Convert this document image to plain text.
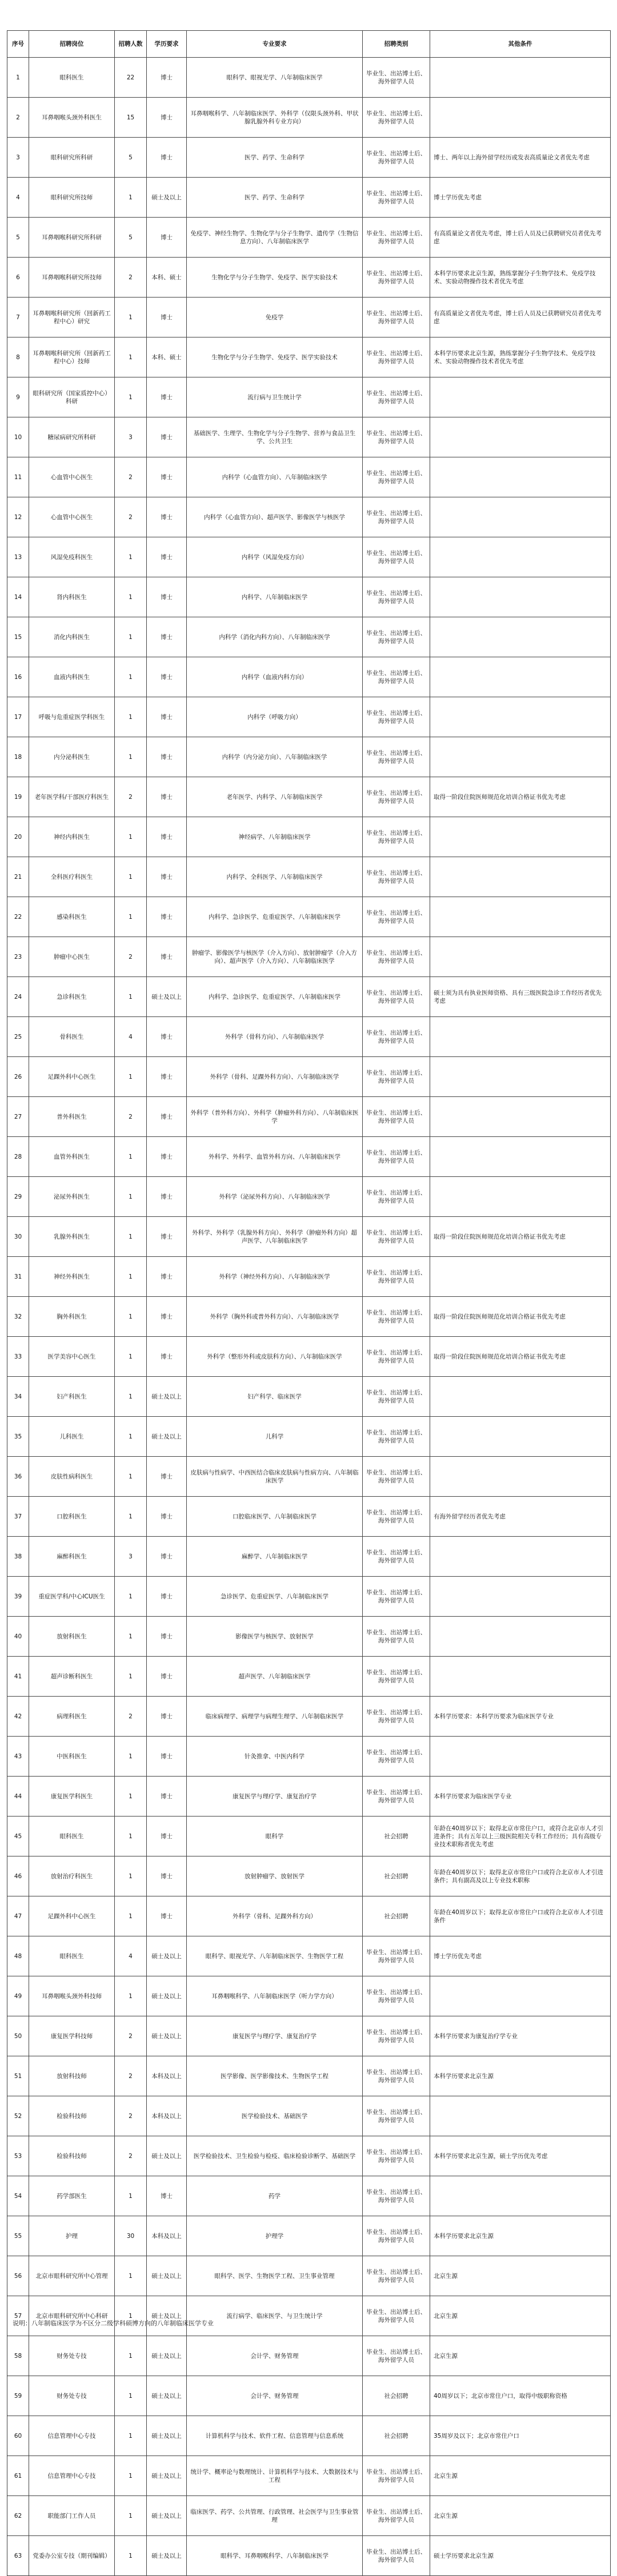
序号	招聘岗位	招聘人数	学历要求	专业要求	招聘类别	其他条件
1	眼科医生	22	博士	眼科学、眼视光学、八年制临床医学	毕业生、出站博士后、海外留学人员	
2	耳鼻咽喉头颈外科医生	15	博士	耳鼻咽喉科学、八年制临床医学、外科学（仅限头颈外科、甲状腺乳腺外科专业方向）	毕业生、出站博士后、海外留学人员	
3	眼科研究所科研	5	博士	医学、药学、生命科学	毕业生、出站博士后、海外留学人员	博士、两年以上海外留学经历或发表高质量论文者优先考虑
4	眼科研究所技师	1	硕士及以上	医学、药学、生命科学	毕业生、出站博士后、海外留学人员	博士学历优先考虑
5	耳鼻咽喉科研究所科研	5	博士	免疫学、神经生物学、生物化学与分子生物学、遗传学（生物信息方向）、八年制临床医学	毕业生、出站博士后、海外留学人员	有高质量论文者优先考虑，博士后人员及已获聘研究员者优先考虑
6	耳鼻咽喉科研究所技师	2	本科、硕士	生物化学与分子生物学、免疫学、医学实验技术	毕业生、出站博士后、海外留学人员	本科学历要求北京生源，熟练掌握分子生物学技术、免疫学技术、实验动物操作技术者优先考虑
7	耳鼻咽喉科研究所（回新药工程中心）研究	1	博士	免疫学	毕业生、出站博士后、海外留学人员	有高质量论文者优先考虑，博士后人员及已获聘研究员者优先考虑
8	耳鼻咽喉科研究所（回新药工程中心）技师	1	本科、硕士	生物化学与分子生物学、免疫学、医学实验技术	毕业生、出站博士后、海外留学人员	本科学历要求北京生源，熟练掌握分子生物学技术、免疫学技术、实验动物操作技术者优先考虑
9	眼科研究所（国家质控中心）科研	1	博士	流行病与卫生统计学	毕业生、出站博士后、海外留学人员	
10	糖尿病研究所科研	3	博士	基础医学、生理学、生物化学与分子生物学、营养与食品卫生学、公共卫生	毕业生、出站博士后、海外留学人员	
11	心血管中心医生	2	博士	内科学（心血管方向）、八年制临床医学	毕业生、出站博士后、海外留学人员	
12	心血管中心医生	2	博士	内科学（心血管方向）、超声医学、影像医学与核医学	毕业生、出站博士后、海外留学人员	
13	风湿免疫科医生	1	博士	内科学（风湿免疫方向）	毕业生、出站博士后、海外留学人员	
14	肾内科医生	1	博士	内科学、八年制临床医学	毕业生、出站博士后、海外留学人员	
15	消化内科医生	1	博士	内科学（消化内科方向）、八年制临床医学	毕业生、出站博士后、海外留学人员	
16	血液内科医生	1	博士	内科学（血液内科方向）	毕业生、出站博士后、海外留学人员	
17	呼吸与危重症医学科医生	1	博士	内科学（呼吸方向）	毕业生、出站博士后、海外留学人员	
18	内分泌科医生	1	博士	内科学（内分泌方向）、八年制临床医学	毕业生、出站博士后、海外留学人员	
19	老年医学科/干部医疗科医生	2	博士	老年医学、内科学、八年制临床医学	毕业生、出站博士后、海外留学人员	取得一阶段住院医师规范化培训合格证书优先考虑
20	神经内科医生	1	博士	神经病学、八年制临床医学	毕业生、出站博士后、海外留学人员	
21	全科医疗科医生	1	博士	内科学、全科医学、八年制临床医学	毕业生、出站博士后、海外留学人员	
22	感染科医生	1	博士	内科学、急诊医学、危重症医学、八年制临床医学	毕业生、出站博士后、海外留学人员	
23	肿瘤中心医生	2	博士	肿瘤学、影像医学与核医学（介入方向）、放射肿瘤学（介入方向）、超声医学（介入方向）、八年制临床医学	毕业生、出站博士后、海外留学人员	
24	急诊科医生	1	硕士及以上	内科学、急诊医学、危重症医学、八年制临床医学	毕业生、出站博士后、海外留学人员	硕士须为具有执业医师资格、具有三级医院急诊工作经历者优先考虑
25	骨科医生	4	博士	外科学（骨科方向）、八年制临床医学	毕业生、出站博士后、海外留学人员	
26	足踝外科中心医生	1	博士	外科学（骨科、足踝外科方向）、八年制临床医学	毕业生、出站博士后、海外留学人员	
27	普外科医生	2	博士	外科学（普外科方向）、外科学（肿瘤外科方向）、八年制临床医学	毕业生、出站博士后、海外留学人员	
28	血管外科医生	1	博士	外科学、外科学、血管外科方向、八年制临床医学	毕业生、出站博士后、海外留学人员	
29	泌尿外科医生	1	博士	外科学（泌尿外科方向）、八年制临床医学	毕业生、出站博士后、海外留学人员	
30	乳腺外科医生	1	博士	外科学、外科学（乳腺外科方向）、外科学（肿瘤外科方向）超声医学、八年制临床医学	毕业生、出站博士后、海外留学人员	取得一阶段住院医师规范化培训合格证书优先考虑
31	神经外科医生	1	博士	外科学（神经外科方向）、八年制临床医学	毕业生、出站博士后、海外留学人员	
32	胸外科医生	1	博士	外科学（胸外科或普外科方向）、八年制临床医学	毕业生、出站博士后、海外留学人员	取得一阶段住院医师规范化培训合格证书优先考虑
33	医学美容中心医生	1	博士	外科学（整形外科或皮肤科方向）、八年制临床医学	毕业生、出站博士后、海外留学人员	取得一阶段住院医师规范化培训合格证书优先考虑
34	妇产科医生	1	硕士及以上	妇产科学、临床医学	毕业生、出站博士后、海外留学人员	
35	儿科医生	1	硕士及以上	儿科学	毕业生、出站博士后、海外留学人员	
36	皮肤性病科医生	1	博士	皮肤病与性病学、中西医结合临床皮肤病与性病方向、八年制临床医学	毕业生、出站博士后、海外留学人员	
37	口腔科医生	1	博士	口腔临床医学、八年制临床医学	毕业生、出站博士后、海外留学人员	有海外留学经历者优先考虑
38	麻醉科医生	3	博士	麻醉学、八年制临床医学	毕业生、出站博士后、海外留学人员	
39	重症医学科/中心ICU医生	1	博士	急诊医学、危重症医学、八年制临床医学	毕业生、出站博士后、海外留学人员	
40	放射科医生	1	博士	影像医学与核医学、放射医学	毕业生、出站博士后、海外留学人员	
41	超声诊断科医生	1	博士	超声医学、八年制临床医学	毕业生、出站博士后、海外留学人员	
42	病理科医生	2	博士	临床病理学、病理学与病理生理学、八年制临床医学	毕业生、出站博士后、海外留学人员	本科学历要求：本科学历要求为临床医学专业
43	中医科医生	1	博士	针灸推拿、中医内科学	毕业生、出站博士后、海外留学人员	
44	康复医学科医生	1	博士	康复医学与理疗学、康复治疗学	毕业生、出站博士后、海外留学人员	本科学历要求为临床医学专业
45	眼科医生	1	博士	眼科学	社会招聘	年龄在40周岁以下；取得北京市常住户口，或符合北京市人才引进条件；具有五年以上三级医院相关专科工作经历；具有高级专业技术职称者优先考虑
46	放射治疗科医生	1	博士	放射肿瘤学、放射医学	社会招聘	年龄在40周岁以下；取得北京市常住户口或符合北京市人才引进条件；具有副高及以上专业技术职称
47	足踝外科中心医生	1	博士	外科学（骨科、足踝外科方向）	社会招聘	年龄在40周岁以下；取得北京市常住户口或符合北京市人才引进条件
48	眼科医生	4	硕士及以上	眼科学、眼视光学、八年制临床医学、生物医学工程	毕业生、出站博士后、海外留学人员	博士学历优先考虑
49	耳鼻咽喉头颈外科技师	1	硕士及以上	耳鼻咽喉科学、八年制临床医学（听力学方向）	毕业生、出站博士后、海外留学人员	
50	康复医学科技师	2	硕士及以上	康复医学与理疗学、康复治疗学	毕业生、出站博士后、海外留学人员	本科学历要求为康复治疗学专业
51	放射科技师	2	本科及以上	医学影像、医学影像技术、生物医学工程	毕业生、出站博士后、海外留学人员	本科学历要求北京生源
52	检验科技师	2	本科及以上	医学检验技术、基础医学	毕业生、出站博士后、海外留学人员	
53	检验科技师	2	硕士及以上	医学检验技术、卫生检验与检疫、临床检验诊断学、基础医学	毕业生、出站博士后、海外留学人员	本科学历要求北京生源，硕士学历优先考虑
54	药学部医生	1	博士	药学	毕业生、出站博士后、海外留学人员	
55	护理	30	本科及以上	护理学	毕业生、出站博士后、海外留学人员	本科学历要求北京生源
56	北京市眼科研究所中心管理	1	硕士及以上	眼科学、医学、生物医学工程、卫生事业管理	毕业生、出站博士后、海外留学人员	北京生源
57	北京市眼科研究所中心科研	1	硕士及以上	流行病学、临床医学、与卫生统计学	毕业生、出站博士后、海外留学人员	北京生源
58	财务处专技	1	硕士及以上	会计学、财务管理	毕业生、出站博士后、海外留学人员	北京生源
59	财务处专技	1	硕士及以上	会计学、财务管理	社会招聘	40周岁以下；北京市常住户口，取得中级职称资格
60	信息管理中心专技	1	硕士及以上	计算机科学与技术、软件工程、信息管理与信息系统	社会招聘	35周岁及以下；北京市常住户口
61	信息管理中心专技	1	硕士及以上	统计学、概率论与数理统计、计算机科学与技术、大数据技术与工程	毕业生、出站博士后、海外留学人员	北京生源
62	职能部门工作人员	1	硕士及以上	临床医学、药学、公共管理、行政管理、社会医学与卫生事业管理	毕业生、出站博士后、海外留学人员	北京生源
63	党委办公室专技（期刊编辑）	1	硕士及以上	眼科学、耳鼻咽喉科学、八年制临床医学	毕业生、出站博士后、海外留学人员	硕士学历要求北京生源
说明：八年制临床医学为不区分二级学科硕博方向的八年制临床医学专业
